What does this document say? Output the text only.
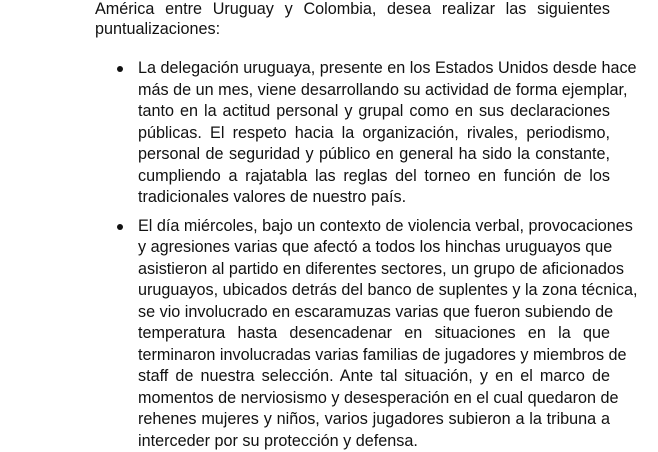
América entre Uruguay y Colombia, desea realizar las siguientes
puntualizaciones:
La delegación uruguaya, presente en los Estados Unidos desde hace
más de un mes, viene desarrollando su actividad de forma ejemplar,
tanto en la actitud personal y grupal como en sus declaraciones
públicas. El respeto hacia la organización, rivales, periodismo,
personal de seguridad y público en general ha sido la constante,
cumpliendo a rajatabla las reglas del torneo en función de los
tradicionales valores de nuestro país.
El día miércoles, bajo un contexto de violencia verbal, provocaciones
y agresiones varias que afectó a todos los hinchas uruguayos que
asistieron al partido en diferentes sectores, un grupo de aficionados
uruguayos, ubicados detrás del banco de suplentes y la zona técnica,
se vio involucrado en escaramuzas varias que fueron subiendo de
temperatura hasta desencadenar en situaciones en la que
terminaron involucradas varias familias de jugadores y miembros de
staff de nuestra selección. Ante tal situación, y en el marco de
momentos de nerviosismo y desesperación en el cual quedaron de
rehenes mujeres y niños, varios jugadores subieron a la tribuna a
interceder por su protección y defensa.
